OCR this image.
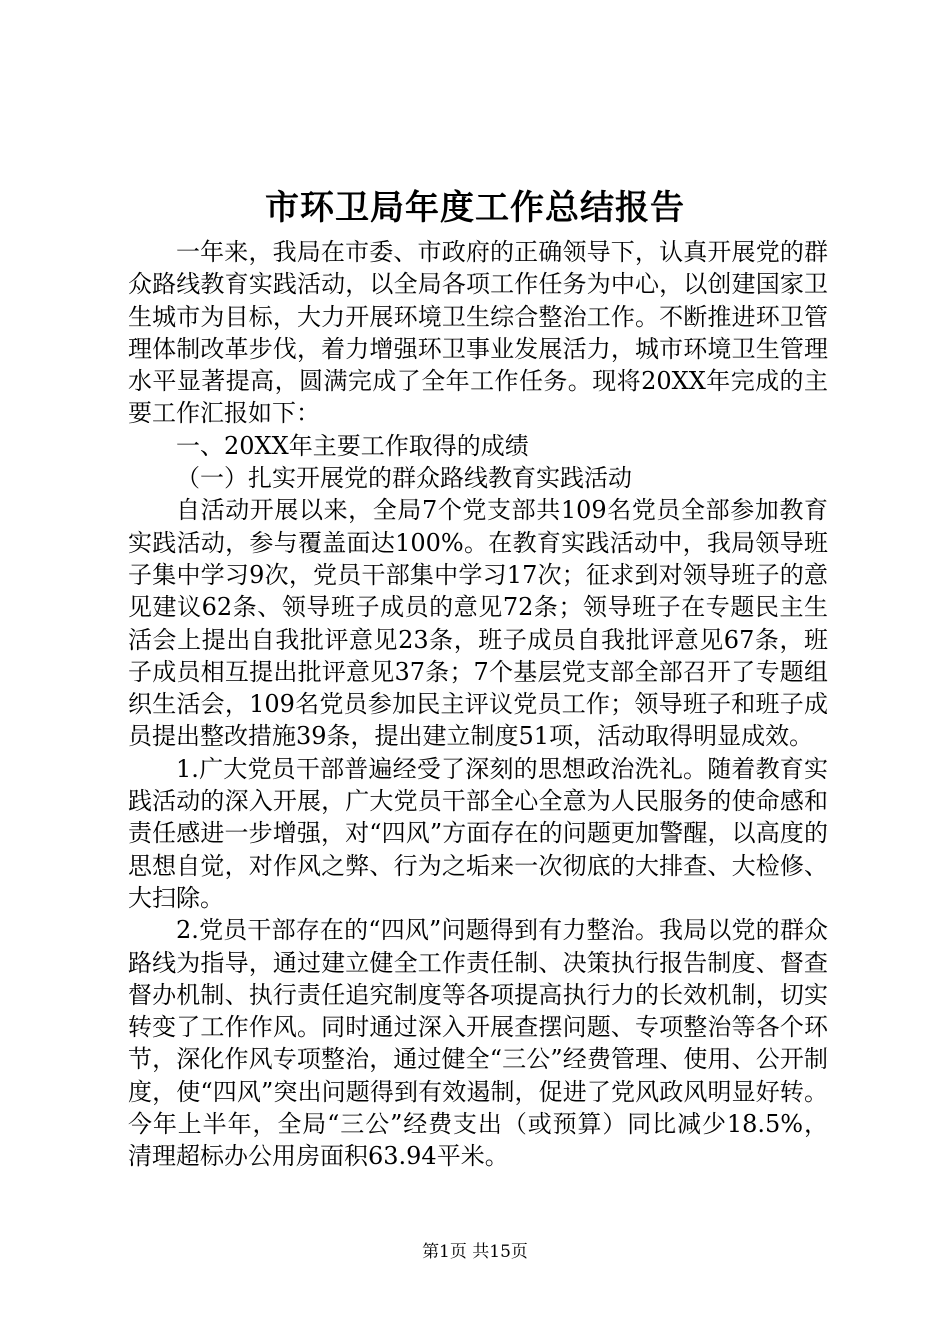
市环卫局年度工作总结报告

一年来，我局在市委、市政府的正确领导下，认真开展党的群众路线教育实践活动，以全局各项工作任务为中心，以创建国家卫生城市为目标，大力开展环境卫生综合整治工作。不断推进环卫管理体制改革步伐，着力增强环卫事业发展活力，城市环境卫生管理水平显著提高，圆满完成了全年工作任务。现将20XX年完成的主要工作汇报如下：

一、20XX年主要工作取得的成绩

（一）扎实开展党的群众路线教育实践活动

自活动开展以来，全局7个党支部共109名党员全部参加教育实践活动，参与覆盖面达100%。在教育实践活动中，我局领导班子集中学习9次，党员干部集中学习17次；征求到对领导班子的意见建议62条、领导班子成员的意见72条；领导班子在专题民主生活会上提出自我批评意见23条，班子成员自我批评意见67条，班子成员相互提出批评意见37条；7个基层党支部全部召开了专题组织生活会，109名党员参加民主评议党员工作；领导班子和班子成员提出整改措施39条，提出建立制度51项，活动取得明显成效。

1.广大党员干部普遍经受了深刻的思想政治洗礼。随着教育实践活动的深入开展，广大党员干部全心全意为人民服务的使命感和责任感进一步增强，对“四风”方面存在的问题更加警醒，以高度的思想自觉，对作风之弊、行为之垢来一次彻底的大排查、大检修、大扫除。

2.党员干部存在的“四风”问题得到有力整治。我局以党的群众路线为指导，通过建立健全工作责任制、决策执行报告制度、督查督办机制、执行责任追究制度等各项提高执行力的长效机制，切实转变了工作作风。同时通过深入开展查摆问题、专项整治等各个环节，深化作风专项整治，通过健全“三公”经费管理、使用、公开制度，使“四风”突出问题得到有效遏制，促进了党风政风明显好转。今年上半年，全局“三公”经费支出（或预算）同比减少18.5%，清理超标办公用房面积63.94平米。

第1页 共15页
